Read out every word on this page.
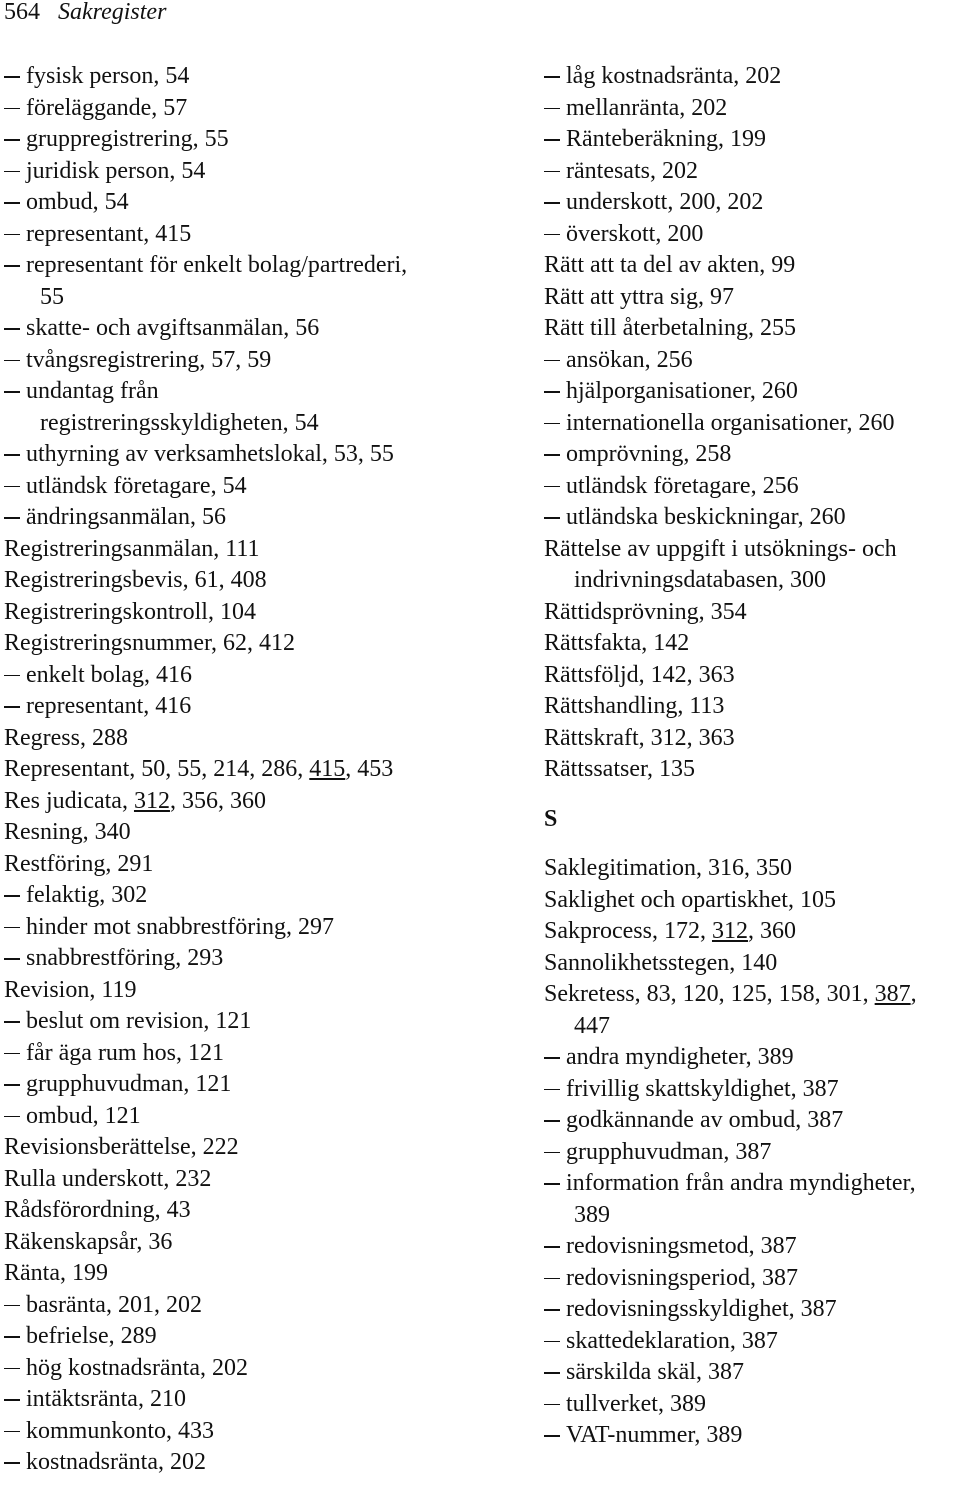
564 Sakregister
fysisk person, 54
föreläggande, 57
gruppregistrering, 55
juridisk person, 54
ombud, 54
representant, 415
representant för enkelt bolag/partrederi,
55
skatte- och avgiftsanmälan, 56
tvångsregistrering, 57, 59
undantag från
registreringsskyldigheten, 54
uthyrning av verksamhetslokal, 53, 55
utländsk företagare, 54
ändringsanmälan, 56
Registreringsanmälan, 111
Registreringsbevis, 61, 408
Registreringskontroll, 104
Registreringsnummer, 62, 412
enkelt bolag, 416
representant, 416
Regress, 288
Representant, 50, 55, 214, 286, 415, 453
Res judicata, 312, 356, 360
Resning, 340
Restföring, 291
felaktig, 302
hinder mot snabbrestföring, 297
snabbrestföring, 293
Revision, 119
beslut om revision, 121
får äga rum hos, 121
grupphuvudman, 121
ombud, 121
Revisionsberättelse, 222
Rulla underskott, 232
Rådsförordning, 43
Räkenskapsår, 36
Ränta, 199
basränta, 201, 202
befrielse, 289
hög kostnadsränta, 202
intäktsränta, 210
kommunkonto, 433
kostnadsränta, 202
låg kostnadsränta, 202
mellanränta, 202
Ränteberäkning, 199
räntesats, 202
underskott, 200, 202
överskott, 200
Rätt att ta del av akten, 99
Rätt att yttra sig, 97
Rätt till återbetalning, 255
ansökan, 256
hjälporganisationer, 260
internationella organisationer, 260
omprövning, 258
utländsk företagare, 256
utländska beskickningar, 260
Rättelse av uppgift i utsöknings- och
indrivningsdatabasen, 300
Rättidsprövning, 354
Rättsfakta, 142
Rättsföljd, 142, 363
Rättshandling, 113
Rättskraft, 312, 363
Rättssatser, 135
S
Saklegitimation, 316, 350
Saklighet och opartiskhet, 105
Sakprocess, 172, 312, 360
Sannolikhetsstegen, 140
Sekretess, 83, 120, 125, 158, 301, 387,
447
andra myndigheter, 389
frivillig skattskyldighet, 387
godkännande av ombud, 387
grupphuvudman, 387
information från andra myndigheter,
389
redovisningsmetod, 387
redovisningsperiod, 387
redovisningsskyldighet, 387
skattedeklaration, 387
särskilda skäl, 387
tullverket, 389
VAT-nummer, 389
